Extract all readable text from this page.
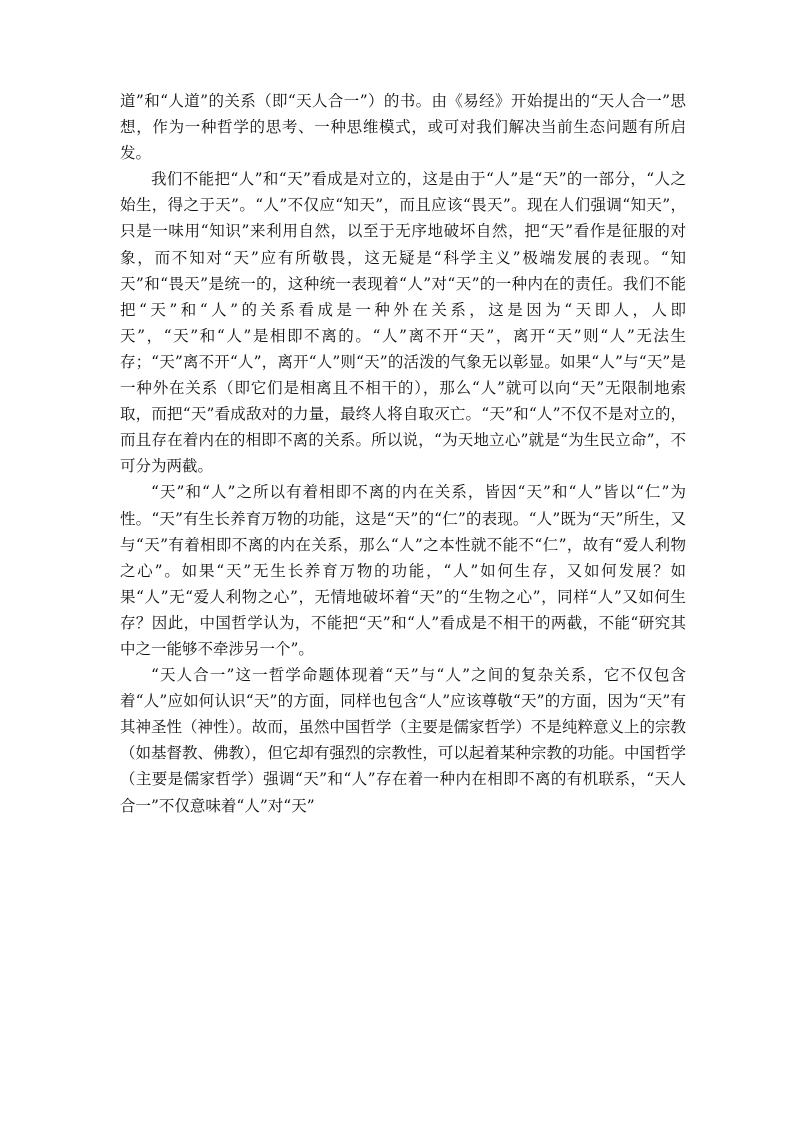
道”和“人道”的关系（即“天人合一”）的书。由《易经》开始提出的“天人合一”思想，作为一种哲学的思考、一种思维模式，或可对我们解决当前生态问题有所启发。

我们不能把“人”和“天”看成是对立的，这是由于“人”是“天”的一部分，“人之始生，得之于天”。“人”不仅应“知天”，而且应该“畏天”。现在人们强调“知天”，只是一味用“知识”来利用自然，以至于无序地破坏自然，把“天”看作是征服的对象，而不知对“天”应有所敬畏，这无疑是“科学主义”极端发展的表现。“知天”和“畏天”是统一的，这种统一表现着“人”对“天”的一种内在的责任。我们不能把“天”和“人”的关系看成是一种外在关系，这是因为“天即人，人即天”，“天”和“人”是相即不离的。“人”离不开“天”，离开“天”则“人”无法生存；“天”离不开“人”，离开“人”则“天”的活泼的气象无以彰显。如果“人”与“天”是一种外在关系（即它们是相离且不相干的），那么“人”就可以向“天”无限制地索取，而把“天”看成敌对的力量，最终人将自取灭亡。“天”和“人”不仅不是对立的，而且存在着内在的相即不离的关系。所以说，“为天地立心”就是“为生民立命”，不可分为两截。

“天”和“人”之所以有着相即不离的内在关系，皆因“天”和“人”皆以“仁”为性。“天”有生长养育万物的功能，这是“天”的“仁”的表现。“人”既为“天”所生，又与“天”有着相即不离的内在关系，那么“人”之本性就不能不“仁”，故有“爱人利物之心”。如果“天”无生长养育万物的功能，“人”如何生存，又如何发展？如果“人”无“爱人利物之心”，无情地破坏着“天”的“生物之心”，同样“人”又如何生存？因此，中国哲学认为，不能把“天”和“人”看成是不相干的两截，不能“研究其中之一能够不牵涉另一个”。

“天人合一”这一哲学命题体现着“天”与“人”之间的复杂关系，它不仅包含着“人”应如何认识“天”的方面，同样也包含“人”应该尊敬“天”的方面，因为“天”有其神圣性（神性）。故而，虽然中国哲学（主要是儒家哲学）不是纯粹意义上的宗教（如基督教、佛教），但它却有强烈的宗教性，可以起着某种宗教的功能。中国哲学（主要是儒家哲学）强调“天”和“人”存在着一种内在相即不离的有机联系，“天人合一”不仅意味着“人”对“天”
